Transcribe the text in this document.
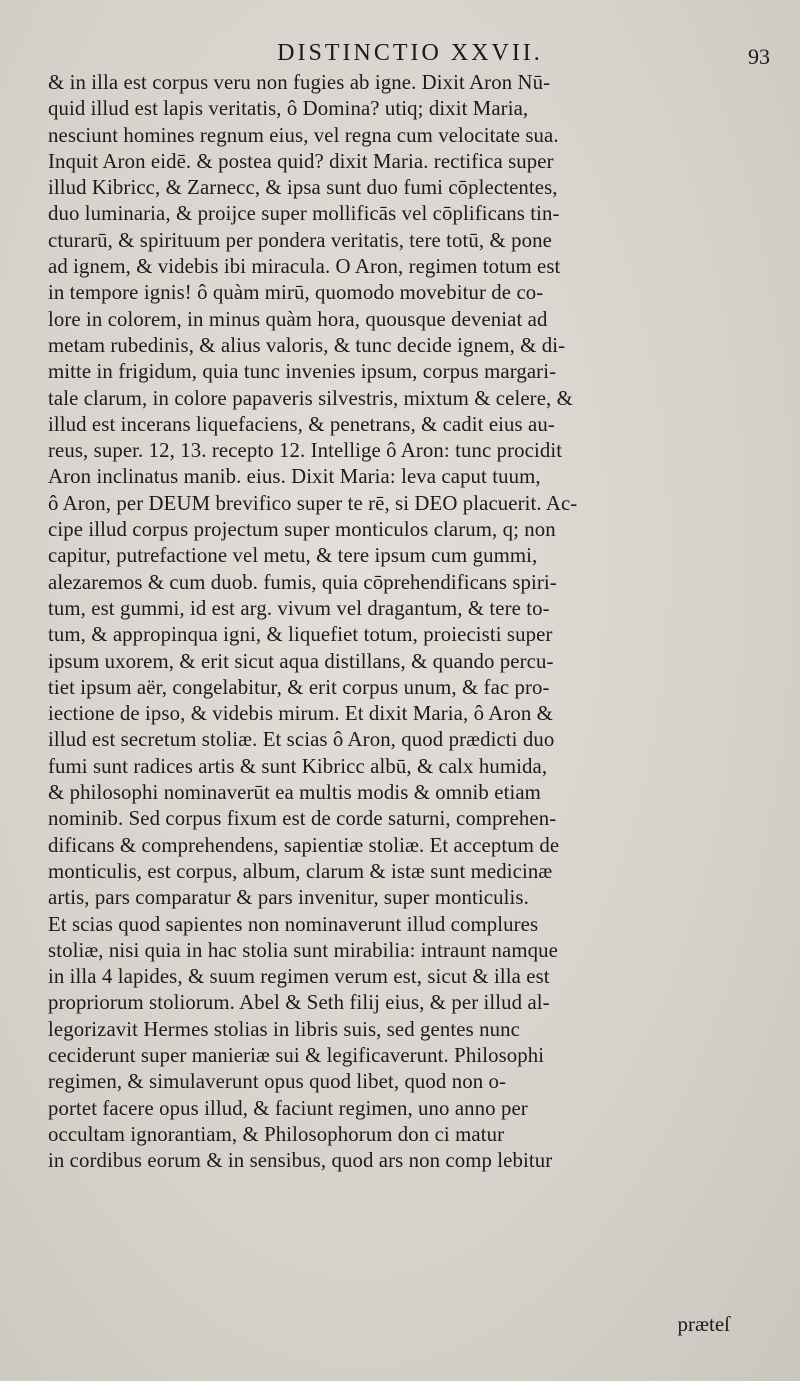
DISTINCTIO XXVII.	93
& in illa est corpus veru non fugies ab igne. Dixit Aron Nū-
quid illud est lapis veritatis, ô Domina? utiq; dixit Maria,
nesciunt homines regnum eius, vel regna cum velocitate sua.
Inquit Aron eidē. & postea quid? dixit Maria. rectifica super
illud Kibricc, & Zarnecc, & ipsa sunt duo fumi cōplectentes,
duo luminaria, & proijce super mollificās vel cōplificans tin-
cturarū, & spirituum per pondera veritatis, tere totū, & pone
ad ignem, & videbis ibi miracula. O Aron, regimen totum est
in tempore ignis! ô quàm mirū, quomodo movebitur de co-
lore in colorem, in minus quàm hora, quousque deveniat ad
metam rubedinis, & alius valoris, & tunc decide ignem, & di-
mitte in frigidum, quia tunc invenies ipsum, corpus margari-
tale clarum, in colore papaveris silvestris, mixtum & celere, &
illud est incerans liquefaciens, & penetrans, & cadit eius au-
reus, super. 12, 13. recepto 12. Intellige ô Aron: tunc procidit
Aron inclinatus manib. eius. Dixit Maria: leva caput tuum,
ô Aron, per DEUM brevifico super te rē, si DEO placuerit. Ac-
cipe illud corpus projectum super monticulos clarum, q; non
capitur, putrefactione vel metu, & tere ipsum cum gummi,
alezaremos & cum duob. fumis, quia cōprehendificans spiri-
tum, est gummi, id est arg. vivum vel dragantum, & tere to-
tum, & appropinqua igni, & liquefiet totum, proiecisti super
ipsum uxorem, & erit sicut aqua distillans, & quando percu-
tiet ipsum aër, congelabitur, & erit corpus unum, & fac pro-
iectione de ipso, & videbis mirum. Et dixit Maria, ô Aron &
illud est secretum stoliæ. Et scias ô Aron, quod prædicti duo
fumi sunt radices artis & sunt Kibricc albū, & calx humida,
& philosophi nominaverūt ea multis modis & omnib etiam
nominib. Sed corpus fixum est de corde saturni, comprehen-
dificans & comprehendens, sapientiæ stoliæ. Et acceptum de
monticulis, est corpus, album, clarum & istæ sunt medicinæ
artis, pars comparatur & pars invenitur, super monticulis.
Et scias quod sapientes non nominaverunt illud complures
stoliæ, nisi quia in hac stolia sunt mirabilia: intraunt namque
in illa 4 lapides, & suum regimen verum est, sicut & illa est
propriorum stoliorum. Abel & Seth filij eius, & per illud al-
legorizavit Hermes stolias in libris suis, sed gentes nunc
ceciderunt super manieriæ sui & legificaverunt. Philosophi
regimen, & simulaverunt opus quod libet, quod non o-
portet facere opus illud, & faciunt regimen, uno anno per
occultam ignorantiam, & Philosophorum don ci matur
in cordibus eorum & in sensibus, quod ars non comp lebitur
præteſ
